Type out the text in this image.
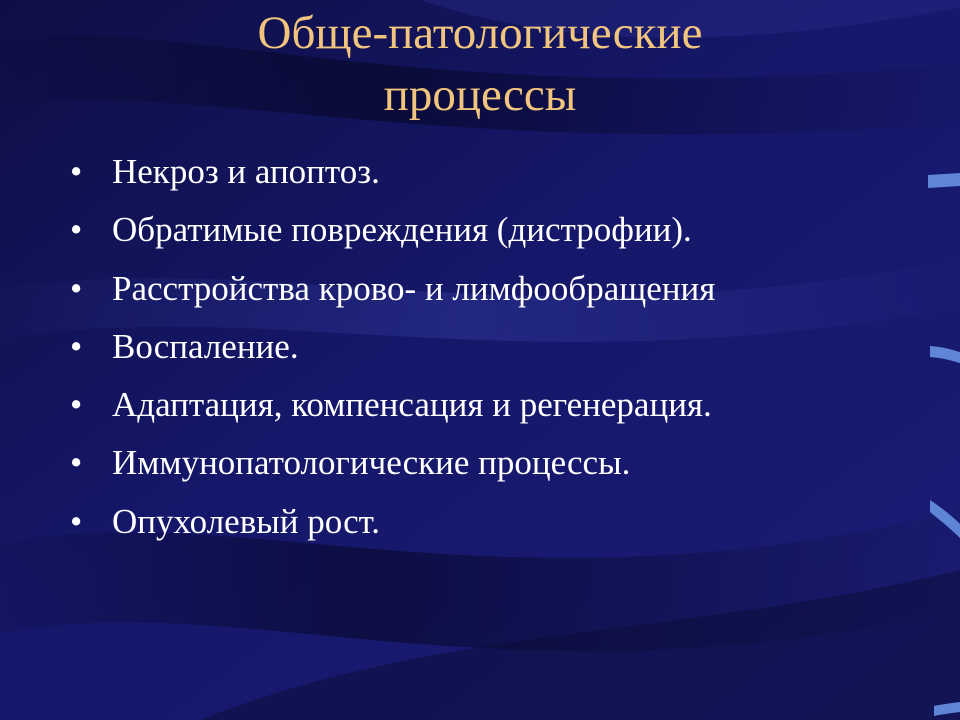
Обще-патологические
процессы
• Некроз и апоптоз.
• Обратимые повреждения (дистрофии).
• Расстройства крово- и лимфообращения
• Воспаление.
• Адаптация, компенсация и регенерация.
• Иммунопатологические процессы.
• Опухолевый рост.
